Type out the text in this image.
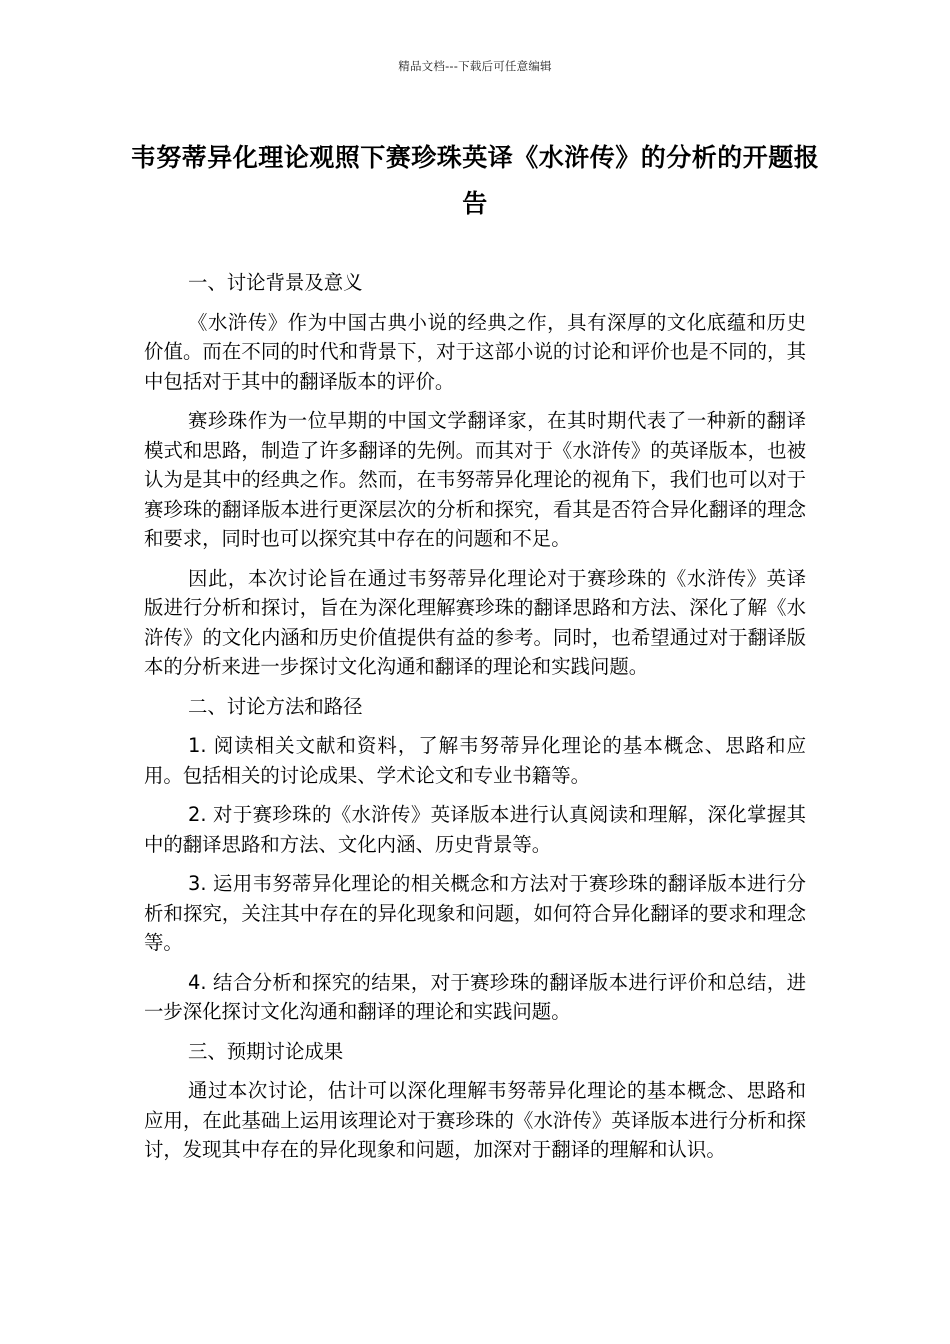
精品文档---下载后可任意编辑
韦努蒂异化理论观照下赛珍珠英译《水浒传》的分析的开题报告

一、讨论背景及意义

《水浒传》作为中国古典小说的经典之作，具有深厚的文化底蕴和历史价值。而在不同的时代和背景下，对于这部小说的讨论和评价也是不同的，其中包括对于其中的翻译版本的评价。

赛珍珠作为一位早期的中国文学翻译家，在其时期代表了一种新的翻译模式和思路，制造了许多翻译的先例。而其对于《水浒传》的英译版本，也被认为是其中的经典之作。然而，在韦努蒂异化理论的视角下，我们也可以对于赛珍珠的翻译版本进行更深层次的分析和探究，看其是否符合异化翻译的理念和要求，同时也可以探究其中存在的问题和不足。

因此，本次讨论旨在通过韦努蒂异化理论对于赛珍珠的《水浒传》英译版进行分析和探讨，旨在为深化理解赛珍珠的翻译思路和方法、深化了解《水浒传》的文化内涵和历史价值提供有益的参考。同时，也希望通过对于翻译版本的分析来进一步探讨文化沟通和翻译的理论和实践问题。

二、讨论方法和路径

1. 阅读相关文献和资料，了解韦努蒂异化理论的基本概念、思路和应用。包括相关的讨论成果、学术论文和专业书籍等。

2. 对于赛珍珠的《水浒传》英译版本进行认真阅读和理解，深化掌握其中的翻译思路和方法、文化内涵、历史背景等。

3. 运用韦努蒂异化理论的相关概念和方法对于赛珍珠的翻译版本进行分析和探究，关注其中存在的异化现象和问题，如何符合异化翻译的要求和理念等。

4. 结合分析和探究的结果，对于赛珍珠的翻译版本进行评价和总结，进一步深化探讨文化沟通和翻译的理论和实践问题。

三、预期讨论成果

通过本次讨论，估计可以深化理解韦努蒂异化理论的基本概念、思路和应用，在此基础上运用该理论对于赛珍珠的《水浒传》英译版本进行分析和探讨，发现其中存在的异化现象和问题，加深对于翻译的理解和认识。
